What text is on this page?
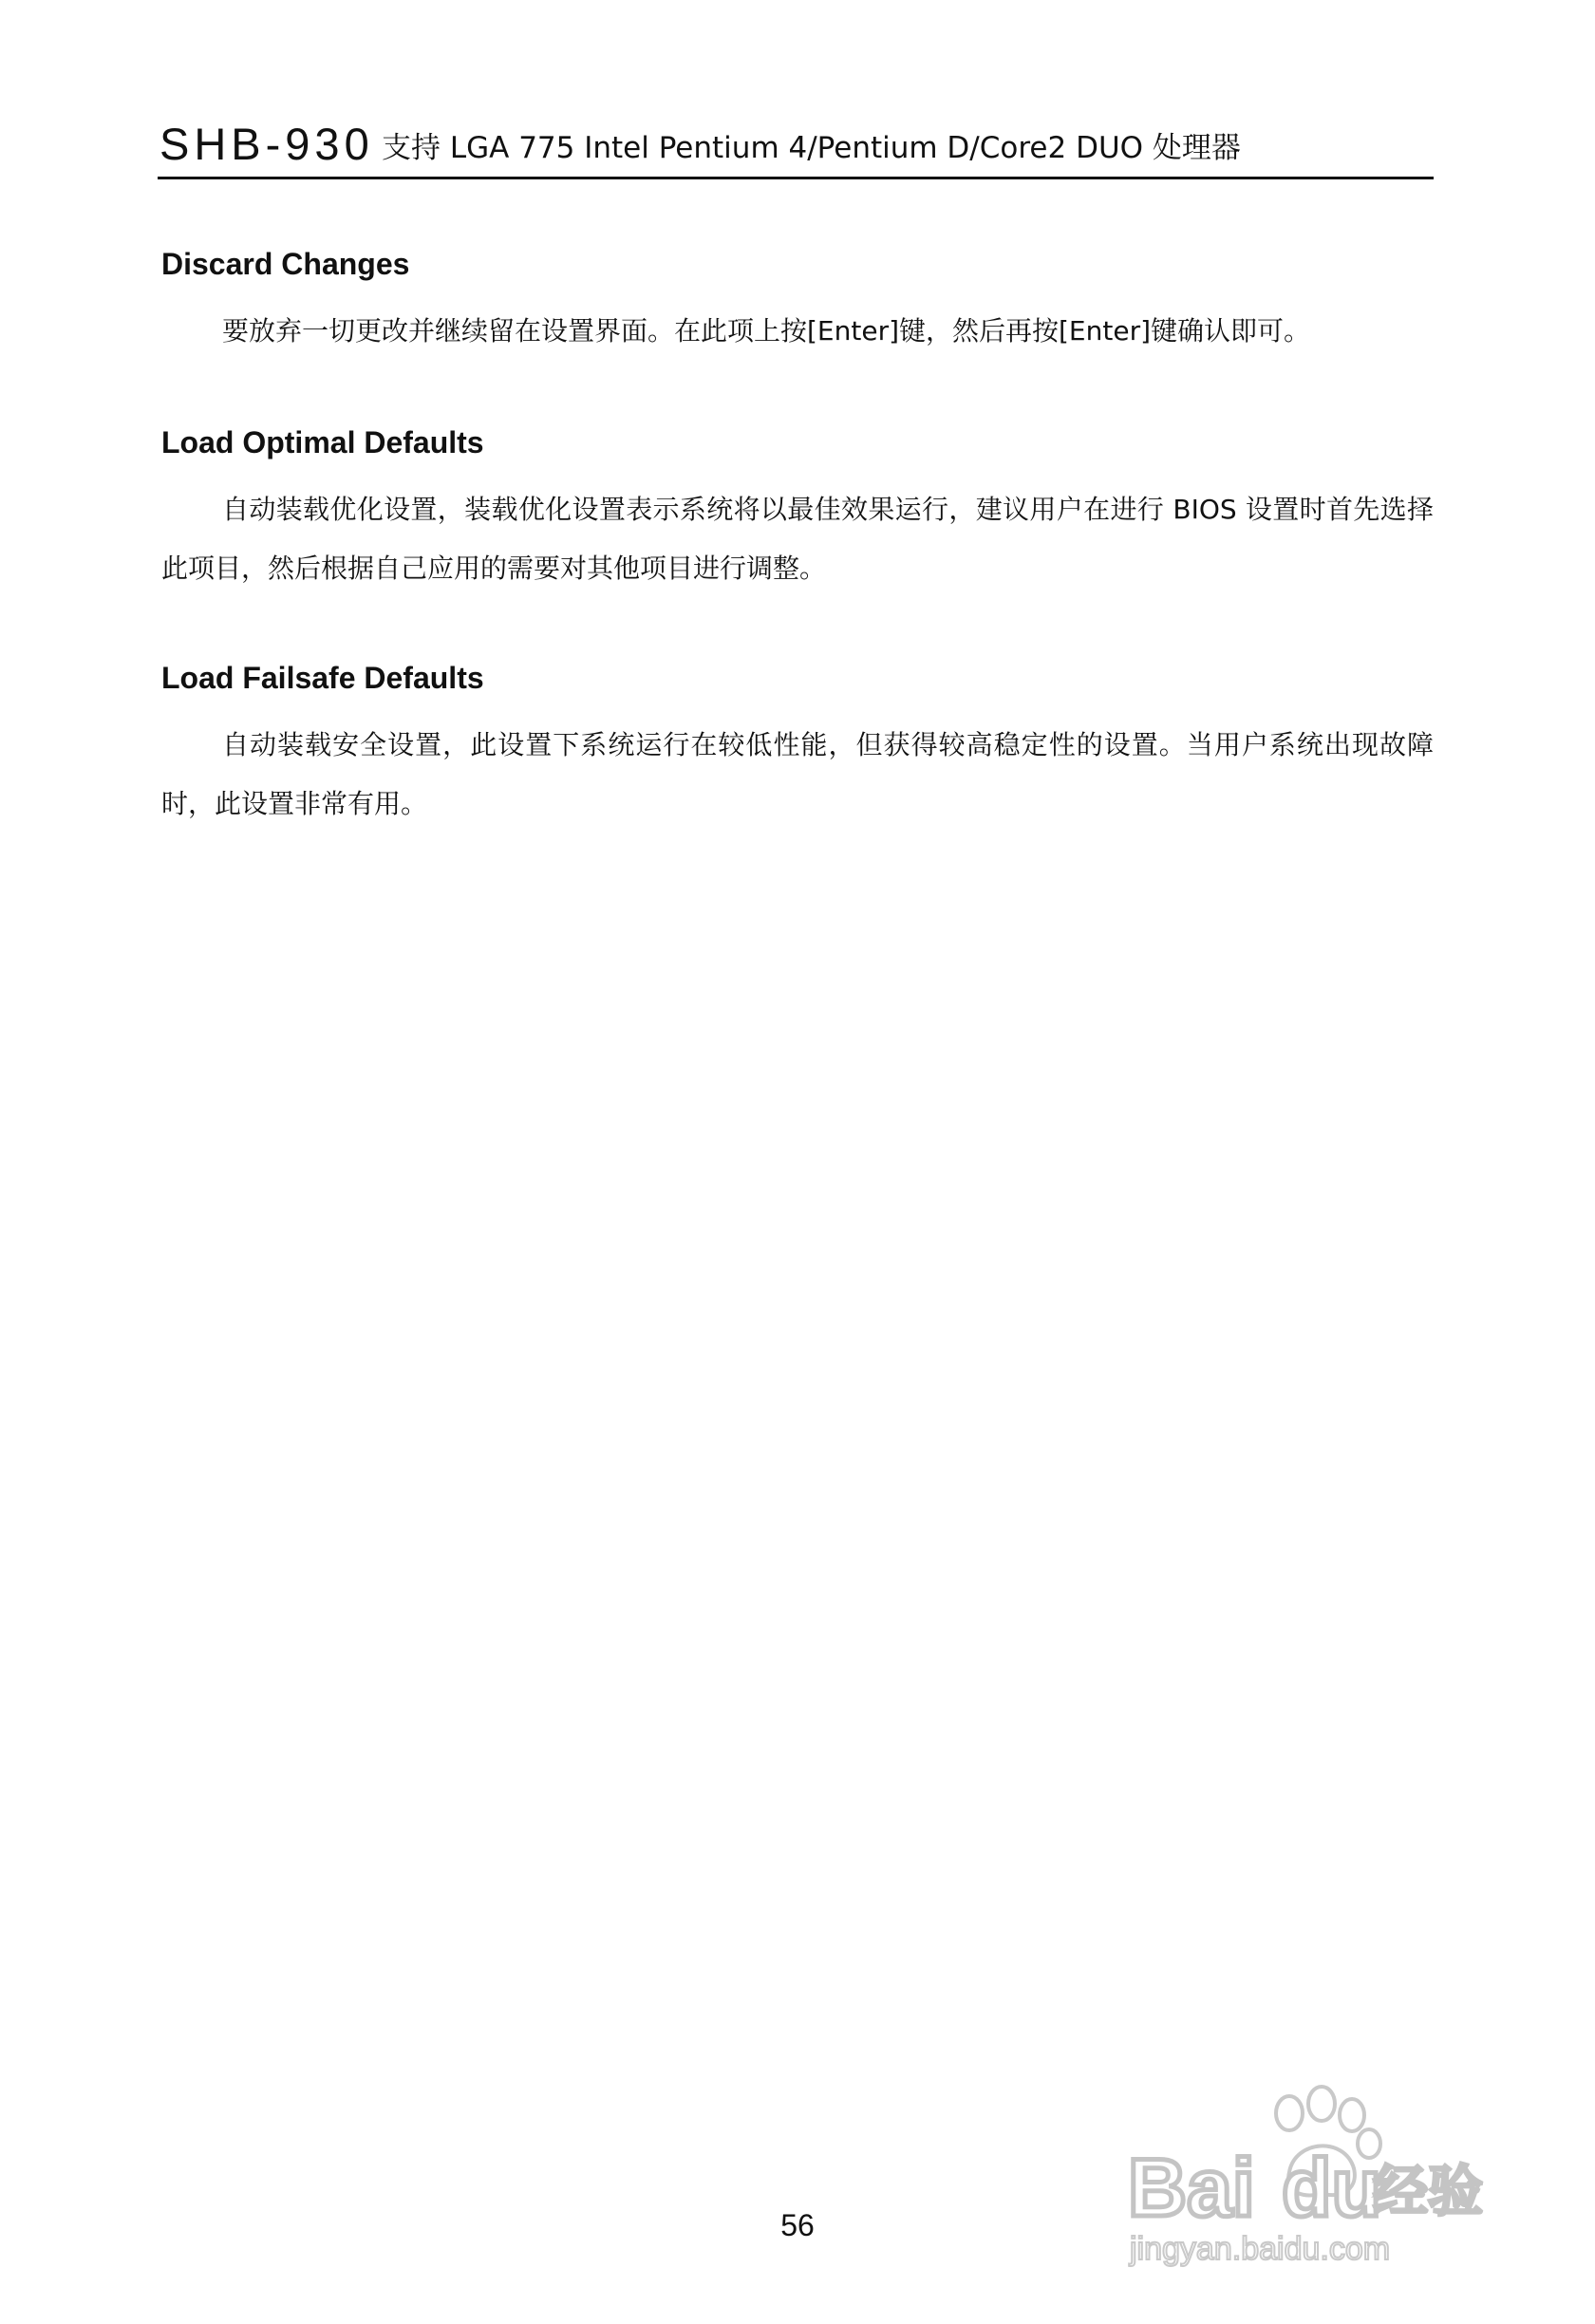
SHB-930 支持 LGA 775 Intel Pentium 4/Pentium D/Core2 DUO 处理器
Discard Changes

要放弃一切更改并继续留在设置界面。在此项上按[Enter]键，然后再按[Enter]键确认即可。

Load Optimal Defaults

自动装载优化设置，装载优化设置表示系统将以最佳效果运行，建议用户在进行 BIOS 设置时首先选择此项目，然后根据自己应用的需要对其他项目进行调整。

Load Failsafe Defaults

自动装载安全设置，此设置下系统运行在较低性能，但获得较高稳定性的设置。当用户系统出现故障时，此设置非常有用。

Bai du
经验
jingyan.baidu.com
56
